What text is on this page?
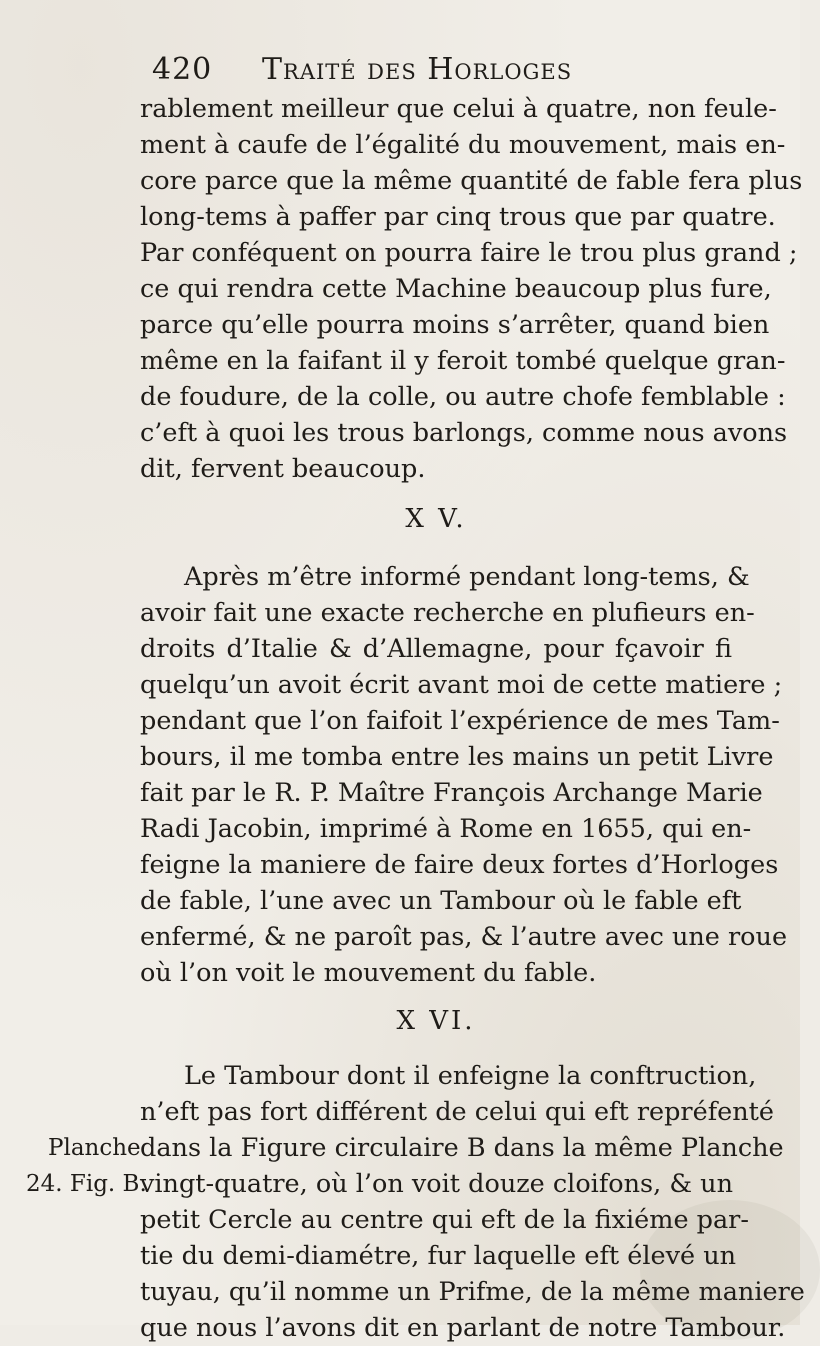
420 Traité des Horloges
rablement meilleur que celui à quatre, non feule-
ment à caufe de l’égalité du mouvement, mais en-
core parce que la même quantité de fable fera plus
long-tems à paffer par cinq trous que par quatre.
Par conféquent on pourra faire le trou plus grand ;
ce qui rendra cette Machine beaucoup plus fure,
parce qu’elle pourra moins s’arrêter, quand bien
même en la faifant il y feroit tombé quelque gran-
de foudure, de la colle, ou autre chofe femblable :
c’eft à quoi les trous barlongs, comme nous avons
dit, fervent beaucoup.
X V.
Après m’être informé pendant long-tems, &
avoir fait une exacte recherche en plufieurs en-
droits d’Italie & d’Allemagne, pour fçavoir fi
quelqu’un avoit écrit avant moi de cette matiere ;
pendant que l’on faifoit l’expérience de mes Tam-
bours, il me tomba entre les mains un petit Livre
fait par le R. P. Maître François Archange Marie
Radi Jacobin, imprimé à Rome en 1655, qui en-
feigne la maniere de faire deux fortes d’Horloges
de fable, l’une avec un Tambour où le fable eft
enfermé, & ne paroît pas, & l’autre avec une roue
où l’on voit le mouvement du fable.
X VI.
Le Tambour dont il enfeigne la conftruction,
n’eft pas fort différent de celui qui eft repréfenté
dans la Figure circulaire B dans la même Planche
vingt-quatre, où l’on voit douze cloifons, & un
petit Cercle au centre qui eft de la fixiéme par-
tie du demi-diamétre, fur laquelle eft élevé un
tuyau, qu’il nomme un Prifme, de la même maniere
que nous l’avons dit en parlant de notre Tambour.
Planche
24. Fig. B.
